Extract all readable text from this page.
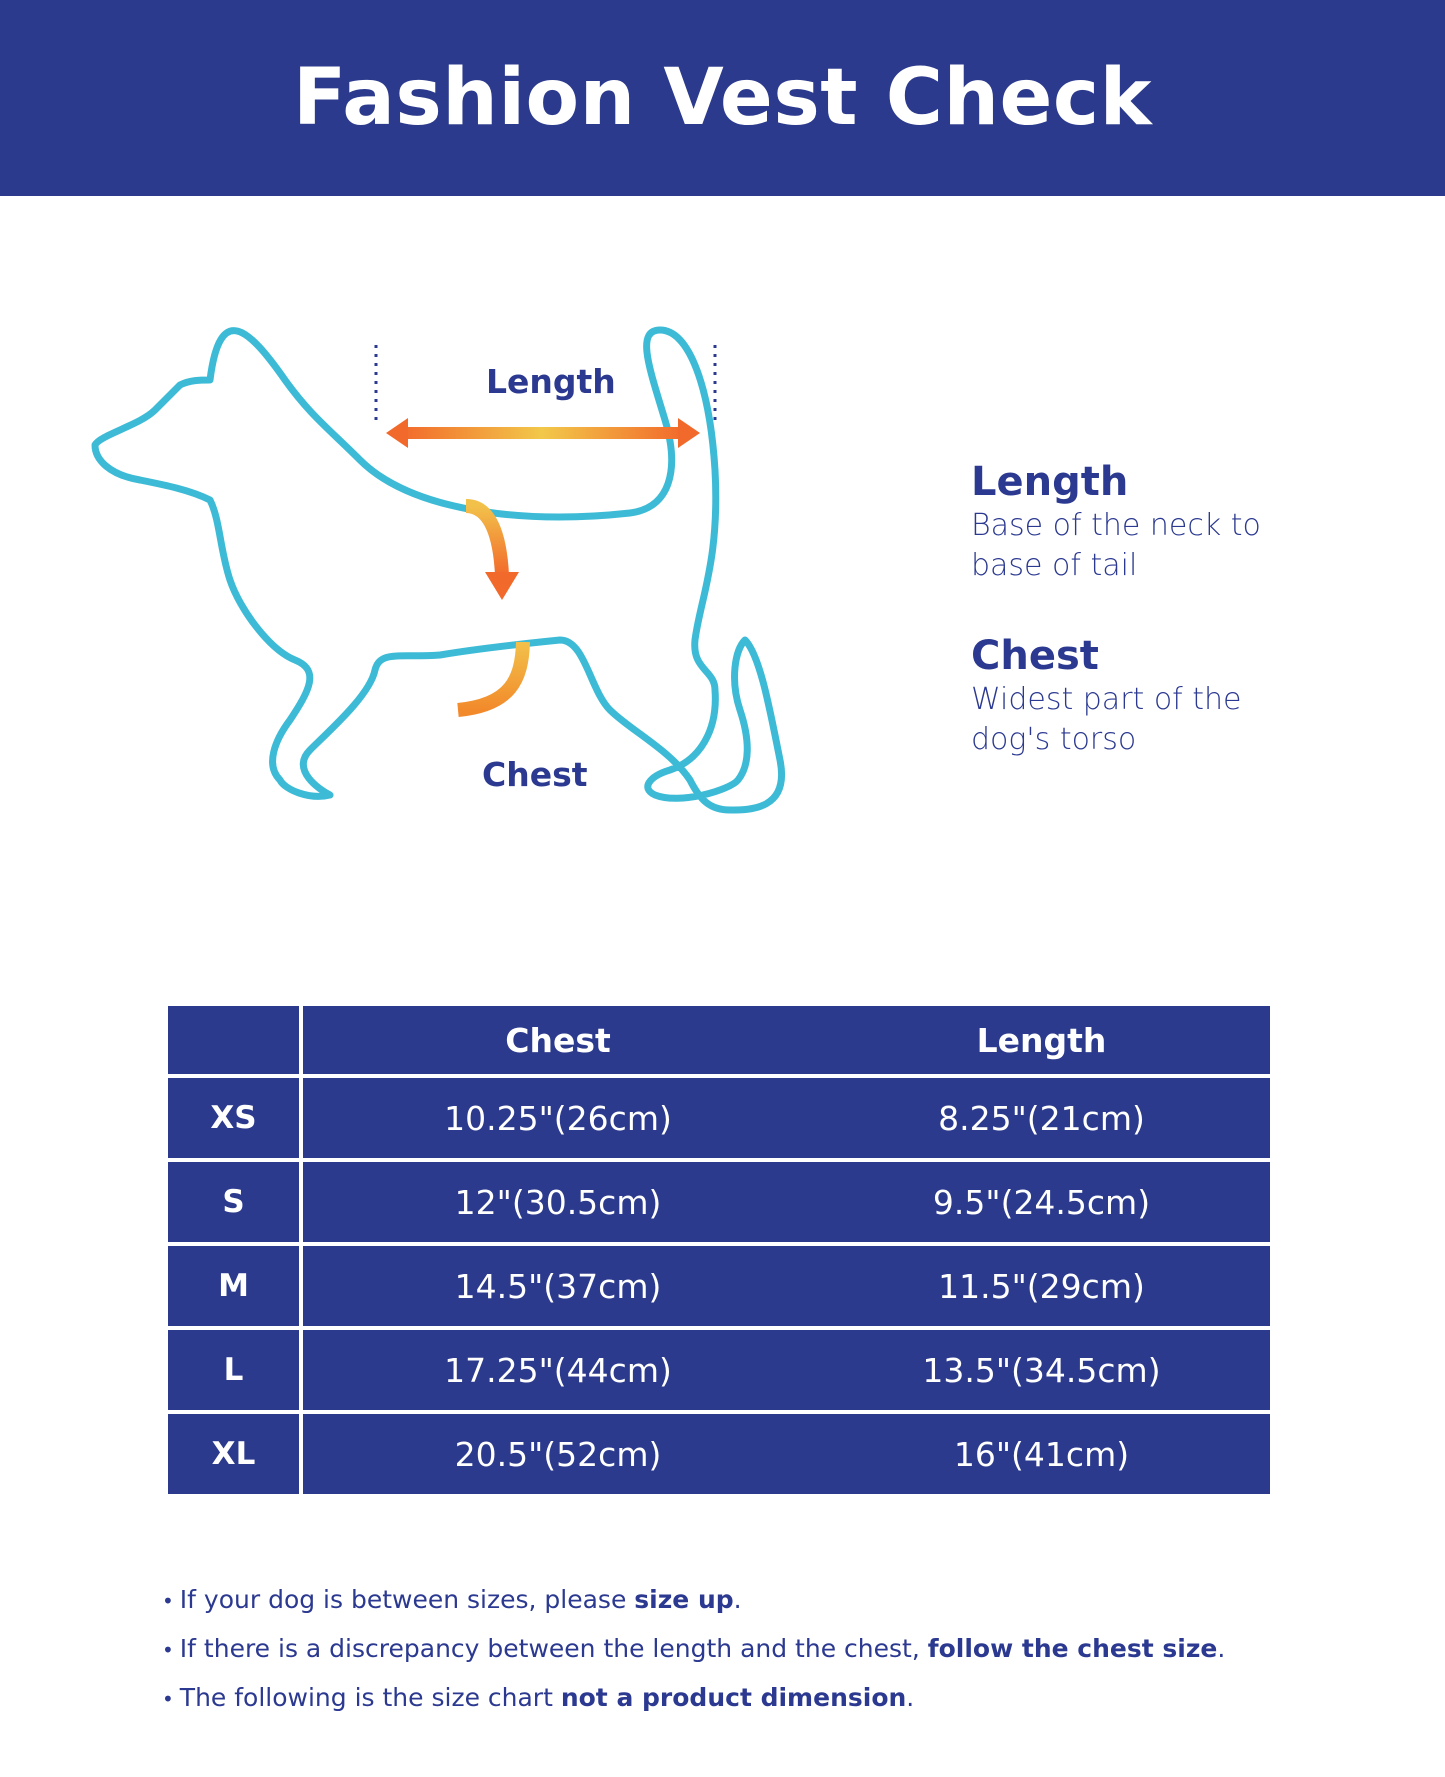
Fashion Vest Check
Length
Chest
Length
Base of the neck to
base of tail
Chest
Widest part of the
dog's torso
	Chest	Length
XS	10.25"(26cm)	8.25"(21cm)
S	12"(30.5cm)	9.5"(24.5cm)
M	14.5"(37cm)	11.5"(29cm)
L	17.25"(44cm)	13.5"(34.5cm)
XL	20.5"(52cm)	16"(41cm)
• If your dog is between sizes, please size up.
• If there is a discrepancy between the length and the chest, follow the chest size.
• The following is the size chart not a product dimension.
